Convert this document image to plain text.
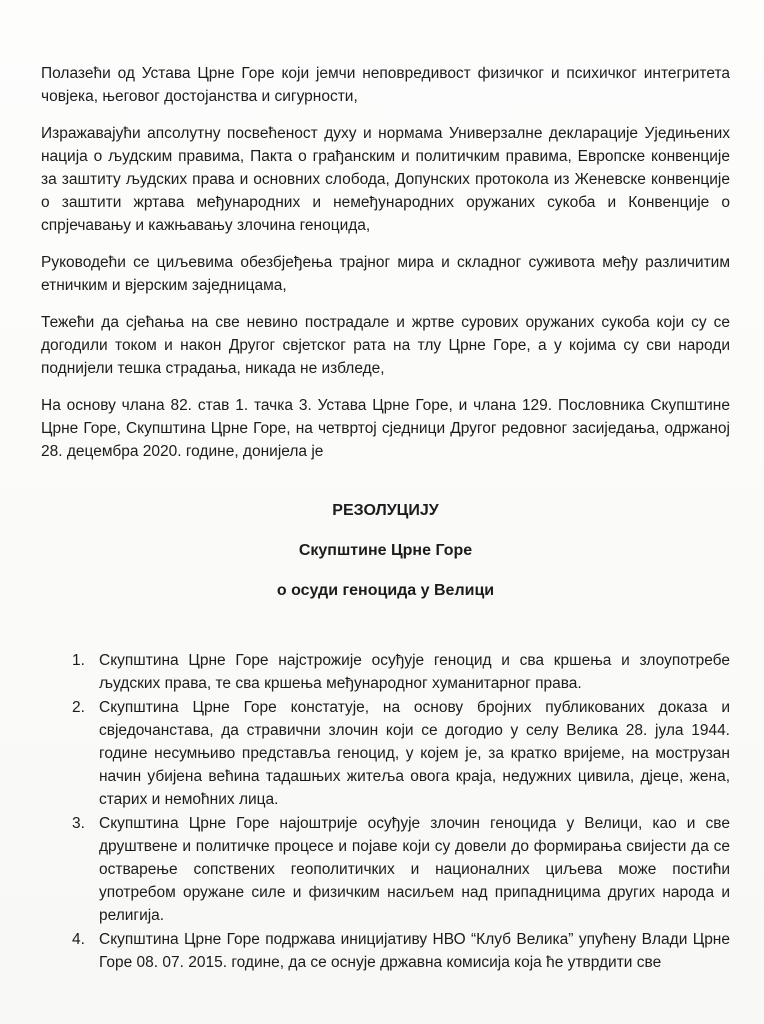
Полазећи од Устава Црне Горе који јемчи неповредивост физичког и психичког интегритета човјека, његовог достојанства и сигурности,

Изражавајући апсолутну посвећеност духу и нормама Универзалне декларације Уједињених нација о људским правима, Пакта о грађанским и политичким правима, Европске конвенције за заштиту људских права и основних слобода, Допунских протокола из Женевске конвенције о заштити жртава међународних и немеђународних оружаних сукоба и Конвенције о спрјечавању и кажњавању злочина геноцида,

Руководећи се циљевима обезбјеђења трајног мира и складног суживота међу различитим етничким и вјерским заједницама,

Тежећи да сјећања на све невино пострадале и жртве сурових оружаних сукоба који су се догодили током и након Другог свјетског рата на тлу Црне Горе, а у којима су сви народи поднијели тешка страдања, никада не избледе,

На основу члана 82. став 1. тачка 3. Устава Црне Горе, и члана 129. Пословника Скупштине Црне Горе, Скупштина Црне Горе, на четвртој сједници Другог редовног засиједања, одржаној 28. децембра 2020. године, донијела је

РЕЗОЛУЦИЈУ

Скупштине Црне Горе

о осуди геноцида у Велици

1. Скупштина Црне Горе најстрожије осуђује геноцид и сва кршења и злоупотребе људских права, те сва кршења међународног хуманитарног права.
2. Скупштина Црне Горе констатује, на основу бројних публикованих доказа и свједочанстава, да стравични злочин који се догодио у селу Велика 28. јула 1944. године несумњиво представља геноцид, у којем је, за кратко вријеме, на мострузан начин убијена већина тадашњих житеља овога краја, недужних цивила, дјеце, жена, старих и немоћних лица.
3. Скупштина Црне Горе најоштрије осуђује злочин геноцида у Велици, као и све друштвене и политичке процесе и појаве који су довели до формирања свијести да се остварење сопствених геополитичких и националних циљева може постићи употребом оружане силе и физичким насиљем над припадницима других народа и религија.
4. Скупштина Црне Горе подржава иницијативу НВО “Клуб Велика” упућену Влади Црне Горе 08. 07. 2015. године, да се оснује државна комисија која ће утврдити све
